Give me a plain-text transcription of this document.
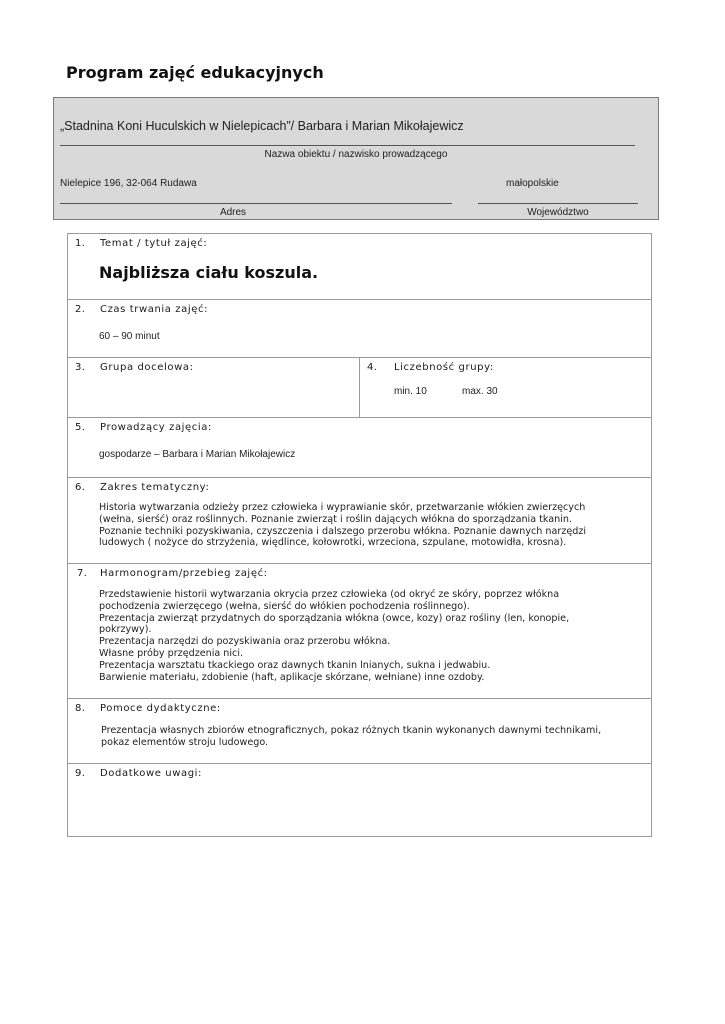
Program zajęć edukacyjnych
„Stadnina Koni Huculskich w Nielepicach”/ Barbara i Marian Mikołajewicz
Nazwa obiektu / nazwisko prowadzącego
Nielepice 196, 32-064 Rudawa	małopolskie
Adres	Województwo
1. Temat / tytuł zajęć:
Najbliższa ciału koszula.
2. Czas trwania zajęć:
60 – 90 minut
3. Grupa docelowa:	4. Liczebność grupy:
min. 10	max. 30
5. Prowadzący zajęcia:
gospodarze – Barbara i Marian Mikołajewicz
6. Zakres tematyczny:
Historia wytwarzania odzieży przez człowieka i wyprawianie skór, przetwarzanie włókien zwierzęcych
(wełna, sierść) oraz roślinnych. Poznanie zwierząt i roślin dających włókna do sporządzania tkanin.
Poznanie techniki pozyskiwania, czyszczenia i dalszego przerobu włókna. Poznanie dawnych narzędzi
ludowych ( nożyce do strzyżenia, więdlince, kołowrotki, wrzeciona, szpulane, motowidła, krosna).
7. Harmonogram/przebieg zajęć:
Przedstawienie historii wytwarzania okrycia przez człowieka (od okryć ze skóry, poprzez włókna
pochodzenia zwierzęcego (wełna, sierść do włókien pochodzenia roślinnego).
Prezentacja zwierząt przydatnych do sporządzania włókna (owce, kozy) oraz rośliny (len, konopie,
pokrzywy).
Prezentacja narzędzi do pozyskiwania oraz przerobu włókna.
Własne próby przędzenia nici.
Prezentacja warsztatu tkackiego oraz dawnych tkanin lnianych, sukna i jedwabiu.
Barwienie materiału, zdobienie (haft, aplikacje skórzane, wełniane) inne ozdoby.
8. Pomoce dydaktyczne:
Prezentacja własnych zbiorów etnograficznych, pokaz różnych tkanin wykonanych dawnymi technikami,
pokaz elementów stroju ludowego.
9. Dodatkowe uwagi:
